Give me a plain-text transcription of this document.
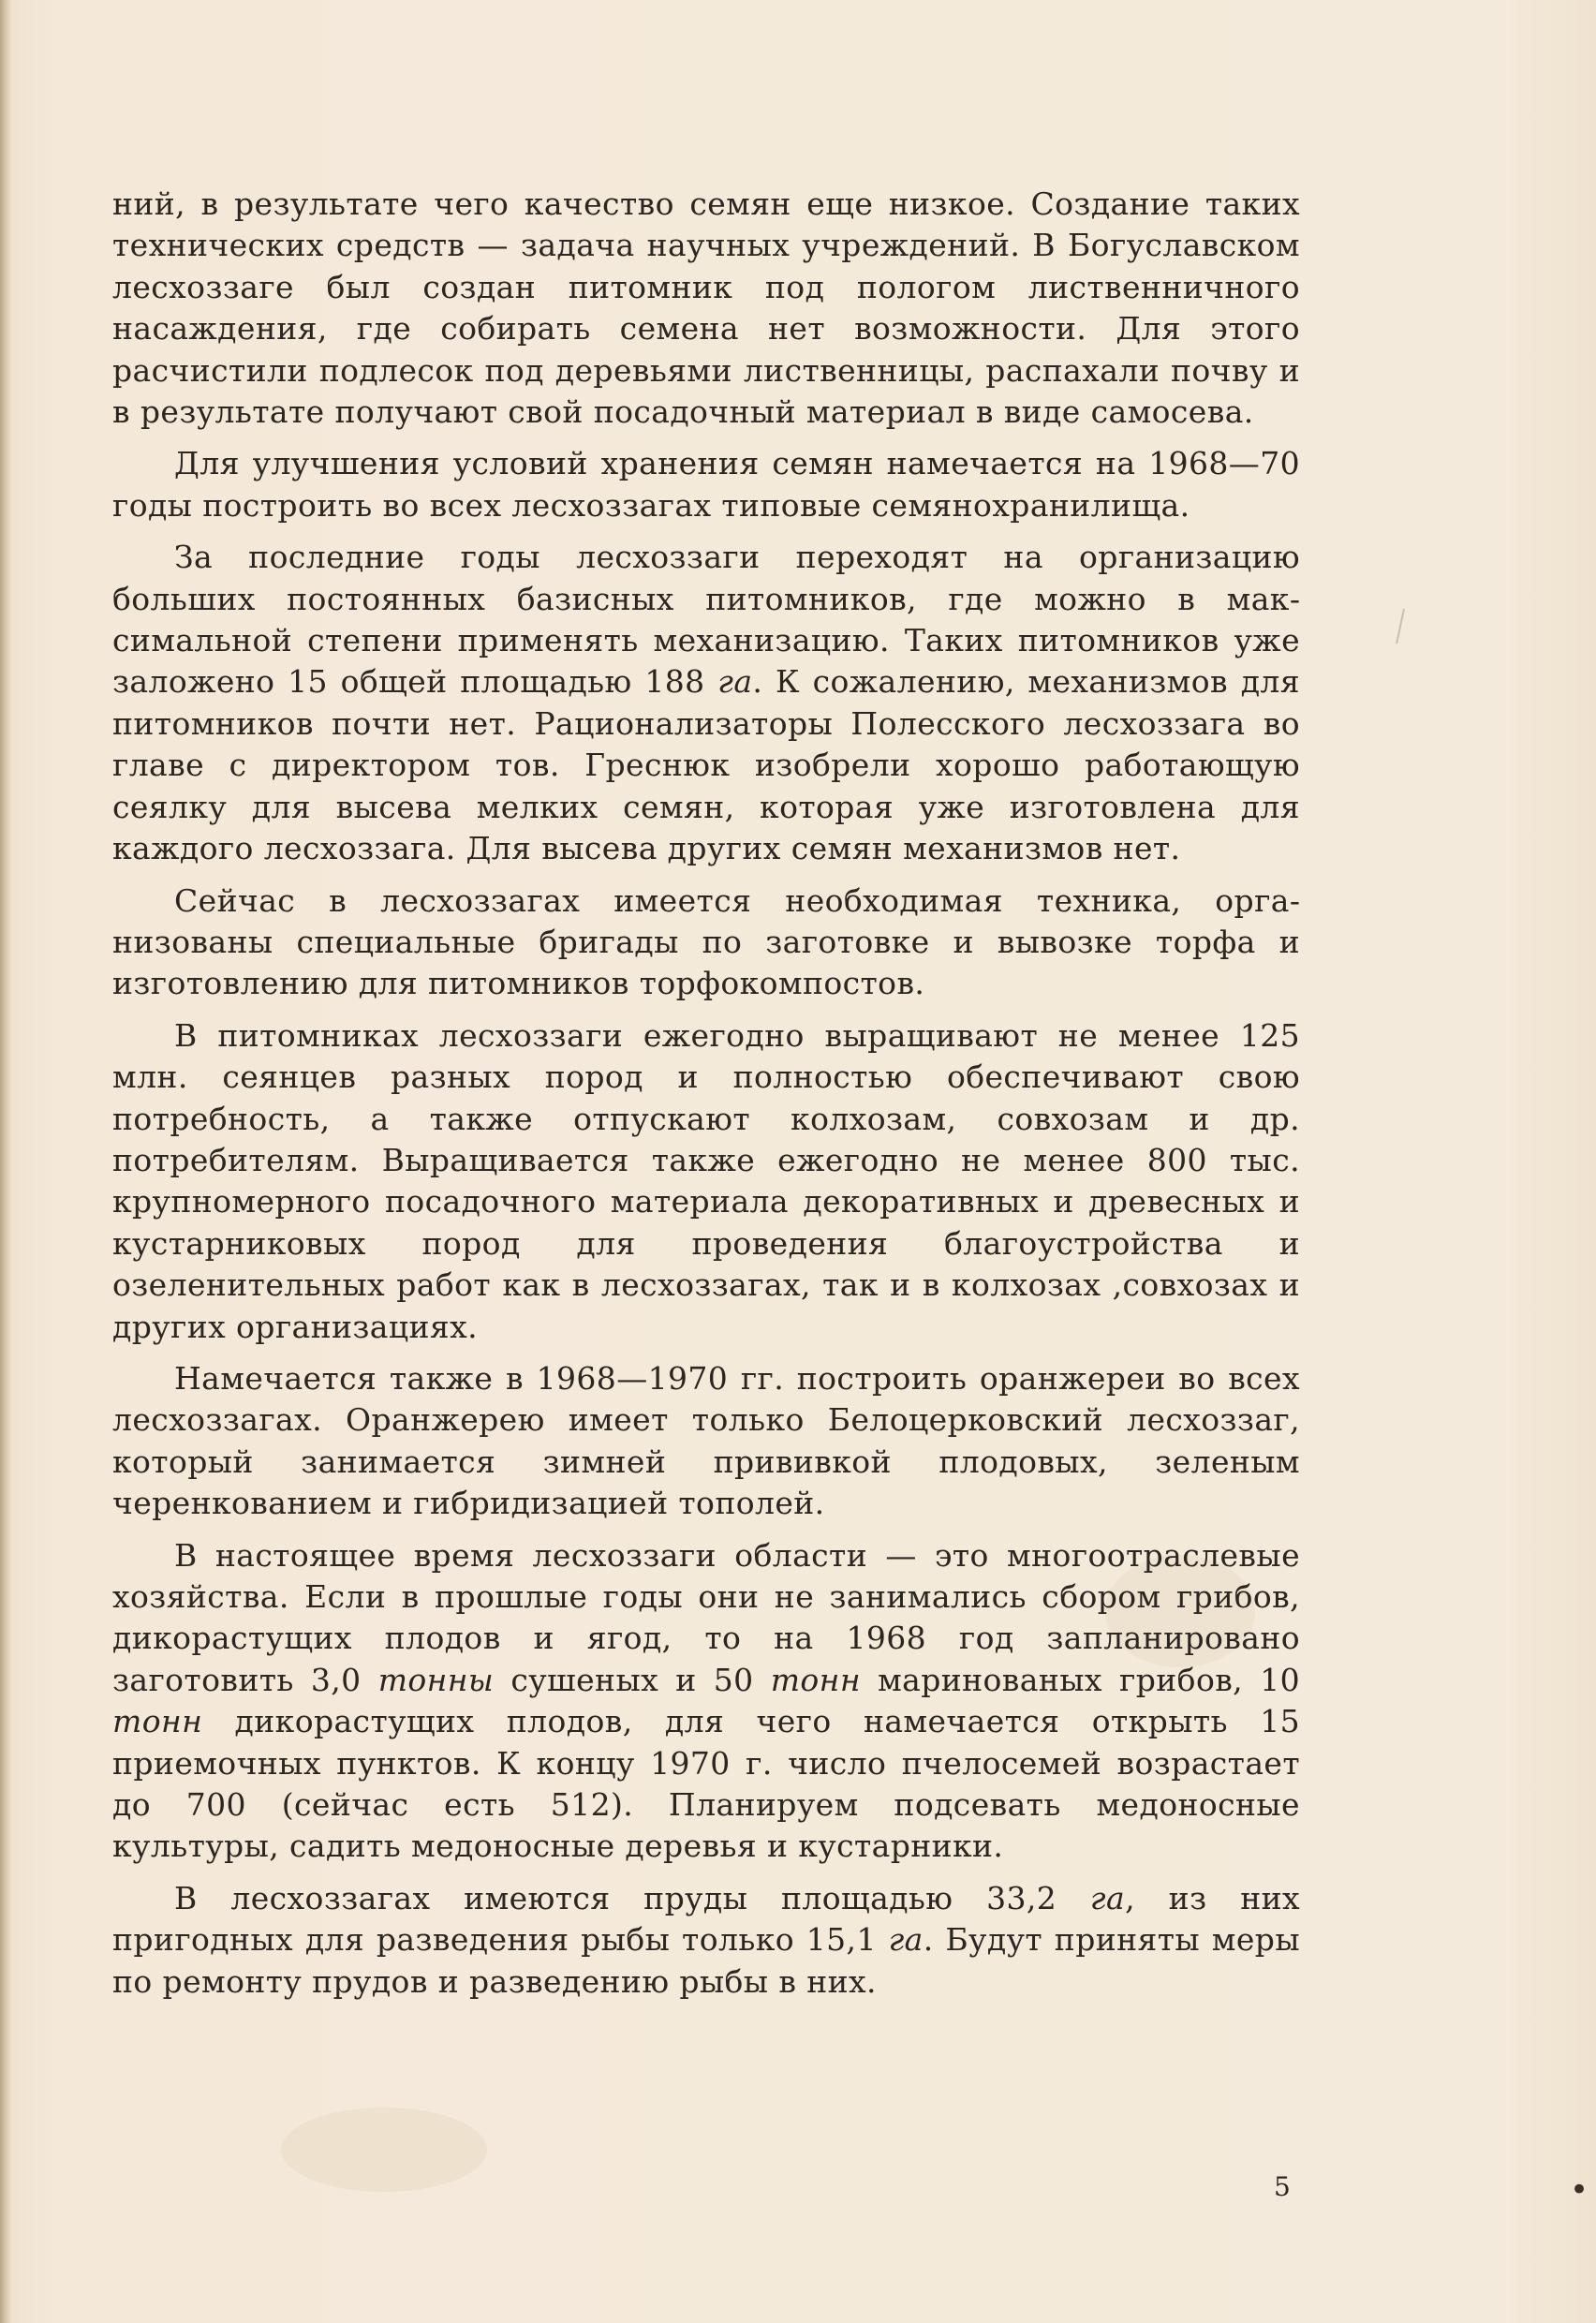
ний, в результате чего качество семян еще низкое. Создание таких технических средств — задача научных учреждений. В Богуславском лесхоззаге был создан питомник под пологом лиственничного насаждения, где собирать семена нет возможности. Для этого расчистили подлесок под деревьями лиственницы, распахали почву и в результате получают свой посадочный материал в виде самосева.

Для улучшения условий хранения семян намечается на 1968—70 годы построить во всех лесхоззагах типовые семянохранилища.

За последние годы лесхоззаги переходят на организацию больших постоянных базисных питомников, где можно в максимальной степени применять механизацию. Таких питомников уже заложено 15 общей площадью 188 га. К сожалению, механизмов для питомников почти нет. Рационализаторы Полесского лесхоззага во главе с директором тов. Греснюк изобрели хорошо работающую сеялку для высева мелких семян, которая уже изготовлена для каждого лесхоззага. Для высева других семян механизмов нет.

Сейчас в лесхоззагах имеется необходимая техника, организованы специальные бригады по заготовке и вывозке торфа и изготовлению для питомников торфокомпостов.

В питомниках лесхоззаги ежегодно выращивают не менее 125 млн. сеянцев разных пород и полностью обеспечивают свою потребность, а также отпускают колхозам, совхозам и др. потребителям. Выращивается также ежегодно не менее 800 тыс. крупномерного посадочного материала декоративных и древесных и кустарниковых пород для проведения благоустройства и озеленительных работ как в лесхоззагах, так и в колхозах ,совхозах и других организациях.

Намечается также в 1968—1970 гг. построить оранжереи во всех лесхоззагах. Оранжерею имеет только Белоцерковский лесхоззаг, который занимается зимней прививкой плодовых, зеленым черенкованием и гибридизацией тополей.

В настоящее время лесхоззаги области — это многоотраслевые хозяйства. Если в прошлые годы они не занимались сбором грибов, дикорастущих плодов и ягод, то на 1968 год запланировано заготовить 3,0 тонны сушеных и 50 тонн маринованых грибов, 10 тонн дикорастущих плодов, для чего намечается открыть 15 приемочных пунктов. К концу 1970 г. число пчелосемей возрастает до 700 (сейчас есть 512). Планируем подсевать медоносные культуры, садить медоносные деревья и кустарники.

В лесхоззагах имеются пруды площадью 33,2 га, из них пригодных для разведения рыбы только 15,1 га. Будут приняты меры по ремонту прудов и разведению рыбы в них.

5	•
